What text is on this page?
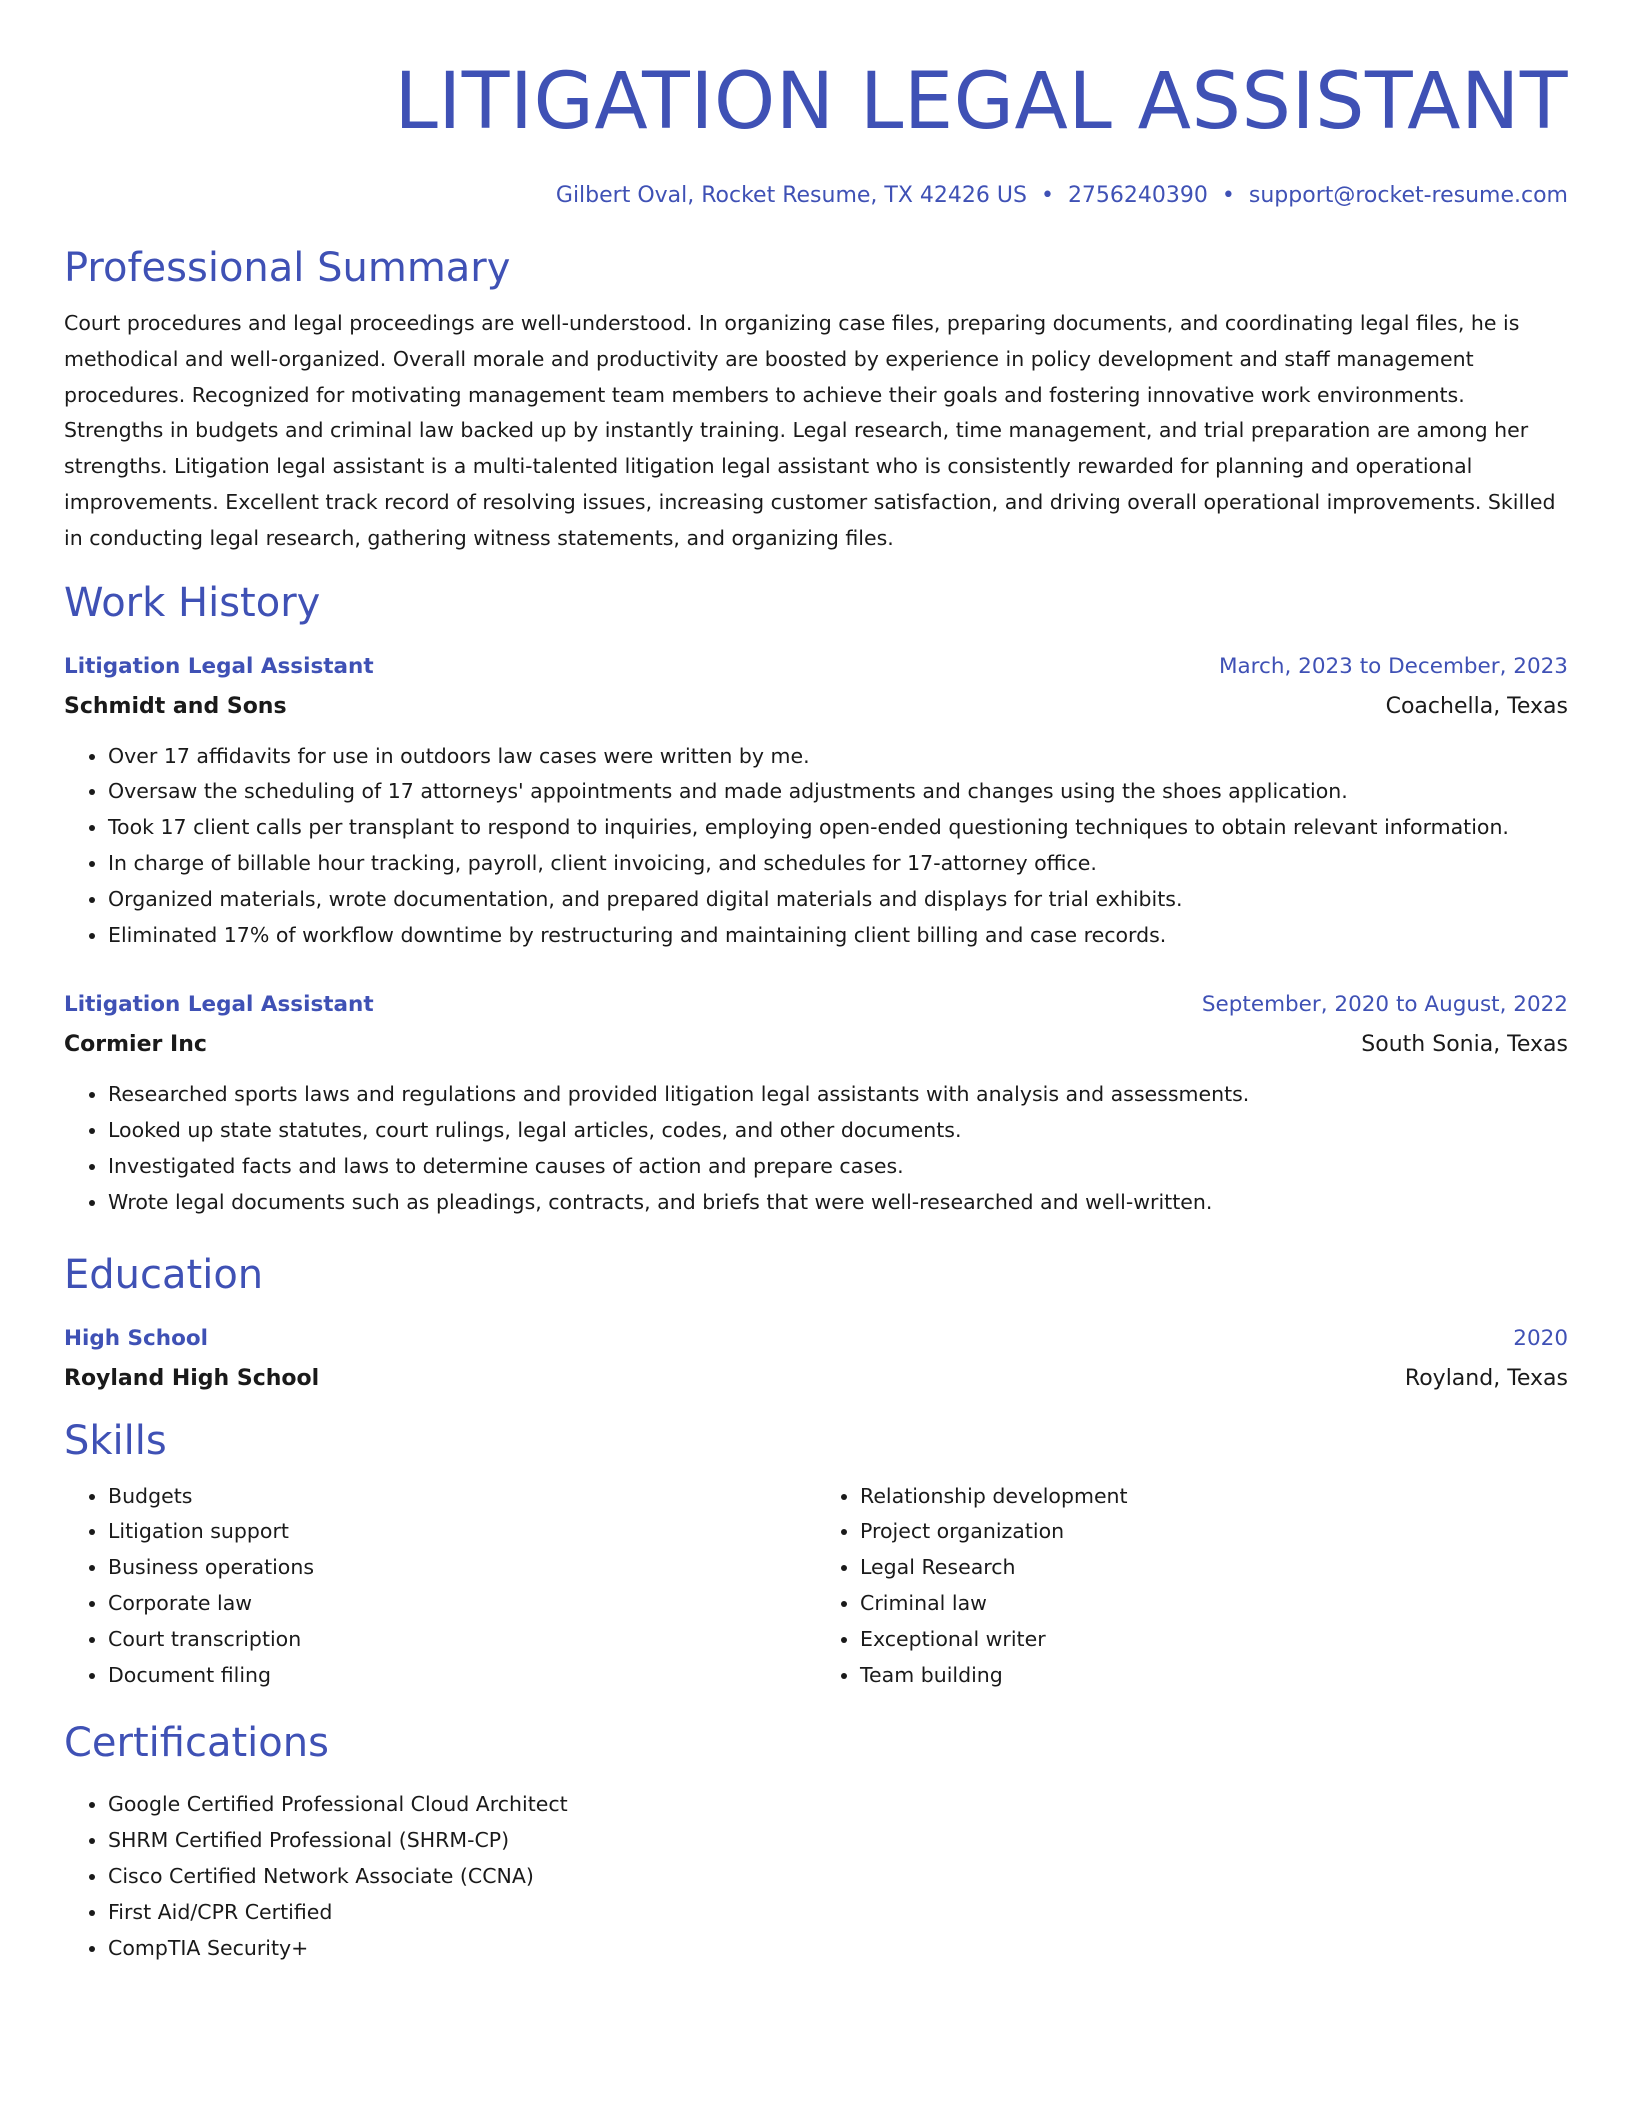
LITIGATION LEGAL ASSISTANT
Gilbert Oval, Rocket Resume, TX 42426 US • 2756240390 • support@rocket-resume.com
Professional Summary

Court procedures and legal proceedings are well-understood. In organizing case files, preparing documents, and coordinating legal files, he is methodical and well-organized. Overall morale and productivity are boosted by experience in policy development and staff management procedures. Recognized for motivating management team members to achieve their goals and fostering innovative work environments. Strengths in budgets and criminal law backed up by instantly training. Legal research, time management, and trial preparation are among her strengths. Litigation legal assistant is a multi-talented litigation legal assistant who is consistently rewarded for planning and operational improvements. Excellent track record of resolving issues, increasing customer satisfaction, and driving overall operational improvements. Skilled in conducting legal research, gathering witness statements, and organizing files.

Work History
Litigation Legal Assistant	March, 2023 to December, 2023
Schmidt and Sons	Coachella, Texas
• Over 17 affidavits for use in outdoors law cases were written by me.
• Oversaw the scheduling of 17 attorneys' appointments and made adjustments and changes using the shoes application.
• Took 17 client calls per transplant to respond to inquiries, employing open-ended questioning techniques to obtain relevant information.
• In charge of billable hour tracking, payroll, client invoicing, and schedules for 17-attorney office.
• Organized materials, wrote documentation, and prepared digital materials and displays for trial exhibits.
• Eliminated 17% of workflow downtime by restructuring and maintaining client billing and case records.
Litigation Legal Assistant	September, 2020 to August, 2022
Cormier Inc	South Sonia, Texas
• Researched sports laws and regulations and provided litigation legal assistants with analysis and assessments.
• Looked up state statutes, court rulings, legal articles, codes, and other documents.
• Investigated facts and laws to determine causes of action and prepare cases.
• Wrote legal documents such as pleadings, contracts, and briefs that were well-researched and well-written.
Education
High School	2020
Royland High School	Royland, Texas
Skills
• Budgets
• Litigation support
• Business operations
• Corporate law
• Court transcription
• Document filing
• Relationship development
• Project organization
• Legal Research
• Criminal law
• Exceptional writer
• Team building
Certifications
• Google Certified Professional Cloud Architect
• SHRM Certified Professional (SHRM-CP)
• Cisco Certified Network Associate (CCNA)
• First Aid/CPR Certified
• CompTIA Security+
